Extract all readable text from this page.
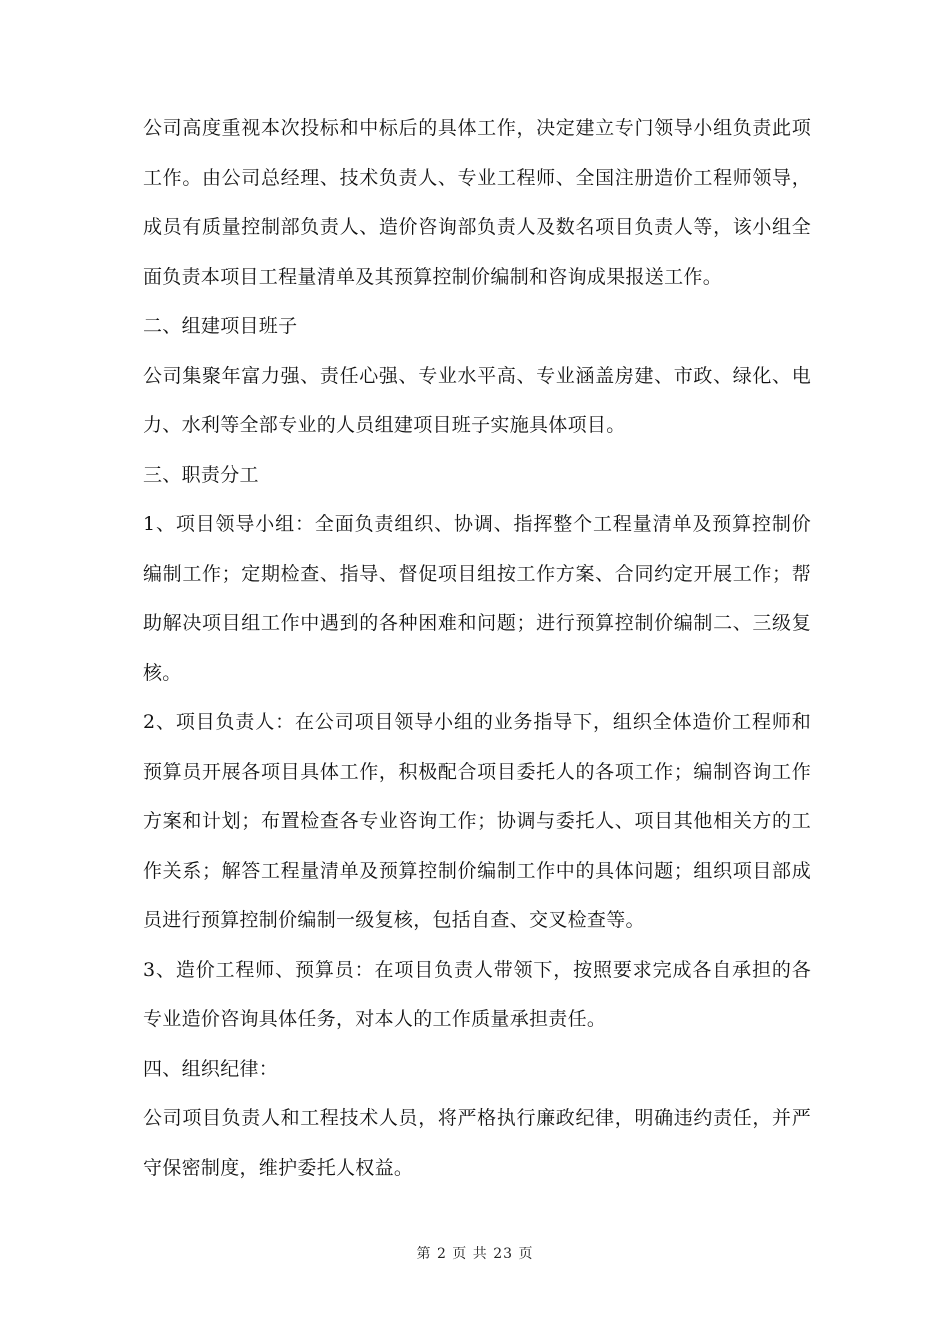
公司高度重视本次投标和中标后的具体工作，决定建立专门领导小组负责此项工作。由公司总经理、技术负责人、专业工程师、全国注册造价工程师领导，成员有质量控制部负责人、造价咨询部负责人及数名项目负责人等，该小组全面负责本项目工程量清单及其预算控制价编制和咨询成果报送工作。

二、组建项目班子

公司集聚年富力强、责任心强、专业水平高、专业涵盖房建、市政、绿化、电力、水利等全部专业的人员组建项目班子实施具体项目。

三、职责分工

1、项目领导小组：全面负责组织、协调、指挥整个工程量清单及预算控制价编制工作；定期检查、指导、督促项目组按工作方案、合同约定开展工作；帮助解决项目组工作中遇到的各种困难和问题；进行预算控制价编制二、三级复核。

2、项目负责人：在公司项目领导小组的业务指导下，组织全体造价工程师和预算员开展各项目具体工作，积极配合项目委托人的各项工作；编制咨询工作方案和计划；布置检查各专业咨询工作；协调与委托人、项目其他相关方的工作关系；解答工程量清单及预算控制价编制工作中的具体问题；组织项目部成员进行预算控制价编制一级复核，包括自查、交叉检查等。

3、造价工程师、预算员：在项目负责人带领下，按照要求完成各自承担的各专业造价咨询具体任务，对本人的工作质量承担责任。

四、组织纪律：

公司项目负责人和工程技术人员，将严格执行廉政纪律，明确违约责任，并严守保密制度，维护委托人权益。

第 2 页 共 23 页
